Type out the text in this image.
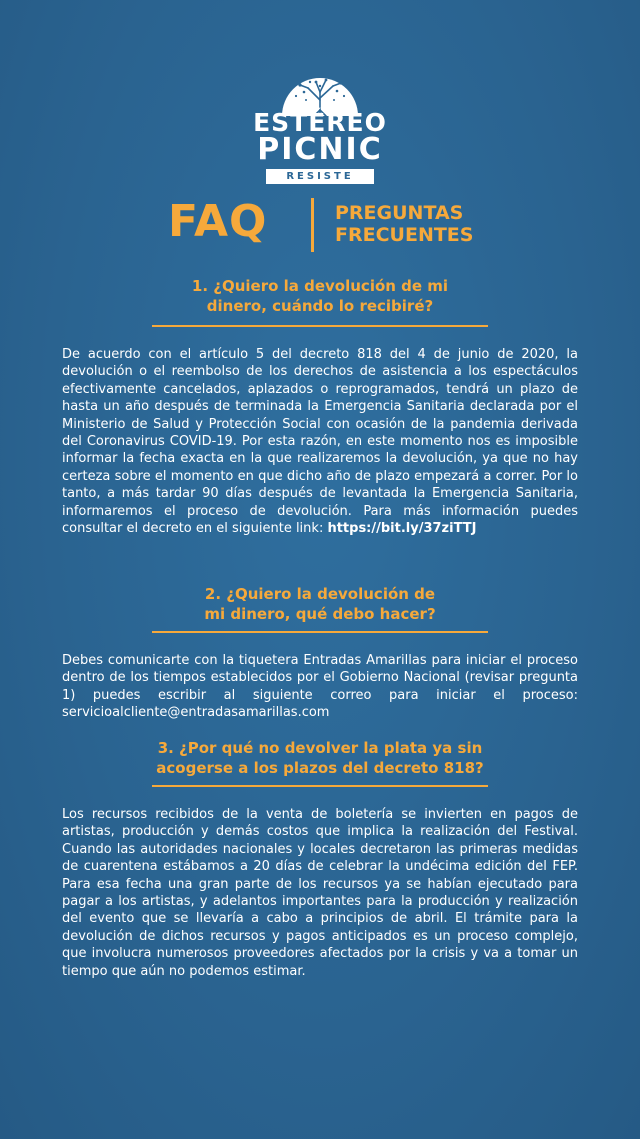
ESTÉREO
PICNIC
RESISTE
FAQ	PREGUNTAS
FRECUENTES
1. ¿Quiero la devolución de mi
dinero, cuándo lo recibiré?
De acuerdo con el artículo 5 del decreto 818 del 4 de junio de 2020, la devolución o el reembolso de los derechos de asistencia a los espectáculos efectivamente cancelados, aplazados o reprogramados, tendrá un plazo de hasta un año después de terminada la Emergencia Sanitaria declarada por el Ministerio de Salud y Protección Social con ocasión de la pandemia derivada del Coronavirus COVID-19. Por esta razón, en este momento nos es imposible informar la fecha exacta en la que realizaremos la devolución, ya que no hay certeza sobre el momento en que dicho año de plazo empezará a correr. Por lo tanto, a más tardar 90 días después de levantada la Emergencia Sanitaria, informaremos el proceso de devolución. Para más información puedes consultar el decreto en el siguiente link: https://bit.ly/37ziTTJ
2. ¿Quiero la devolución de
mi dinero, qué debo hacer?
Debes comunicarte con la tiquetera Entradas Amarillas para iniciar el proceso dentro de los tiempos establecidos por el Gobierno Nacional (revisar pregunta 1) puedes escribir al siguiente correo para iniciar el proceso: servicioalcliente@entradasamarillas.com
3. ¿Por qué no devolver la plata ya sin
acogerse a los plazos del decreto 818?
Los recursos recibidos de la venta de boletería se invierten en pagos de artistas, producción y demás costos que implica la realización del Festival. Cuando las autoridades nacionales y locales decretaron las primeras medidas de cuarentena estábamos a 20 días de celebrar la undécima edición del FEP. Para esa fecha una gran parte de los recursos ya se habían ejecutado para pagar a los artistas, y adelantos importantes para la producción y realización del evento que se llevaría a cabo a principios de abril. El trámite para la devolución de dichos recursos y pagos anticipados es un proceso complejo, que involucra numerosos proveedores afectados por la crisis y va a tomar un tiempo que aún no podemos estimar.
